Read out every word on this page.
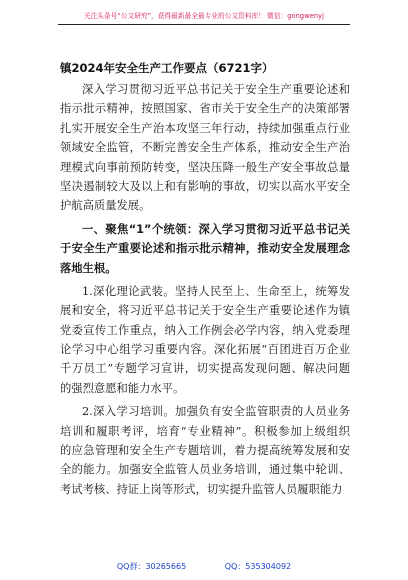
关注头条号“公文研究”，获得最新最全最专业的公文资料库！ 微信：gongwenyj
镇2024年安全生产工作要点（6721字）
深入学习贯彻习近平总书记关于安全生产重要论述和
指示批示精神，按照国家、省市关于安全生产的决策部署
扎实开展安全生产治本攻坚三年行动，持续加强重点行业
领域安全监管，不断完善安全生产体系，推动安全生产治
理模式向事前预防转变，坚决压降一般生产安全事故总量
坚决遏制较大及以上和有影响的事故，切实以高水平安全
护航高质量发展。
一、聚焦“1”个统领：深入学习贯彻习近平总书记关
于安全生产重要论述和指示批示精神，推动安全发展理念
落地生根。
1.深化理论武装。坚持人民至上、生命至上，统筹发
展和安全，将习近平总书记关于安全生产重要论述作为镇
党委宣传工作重点，纳入工作例会必学内容，纳入党委理
论学习中心组学习重要内容。深化拓展“百团进百万企业
千万员工”专题学习宣讲，切实提高发现问题、解决问题
的强烈意愿和能力水平。
2.深入学习培训。加强负有安全监管职责的人员业务
培训和履职考评，培育“专业精神”。积极参加上级组织
的应急管理和安全生产专题培训，着力提高统筹发展和安
全的能力。加强安全监管人员业务培训，通过集中轮训、
考试考核、持证上岗等形式，切实提升监管人员履职能力
QQ群：30265665	QQ：535304092
